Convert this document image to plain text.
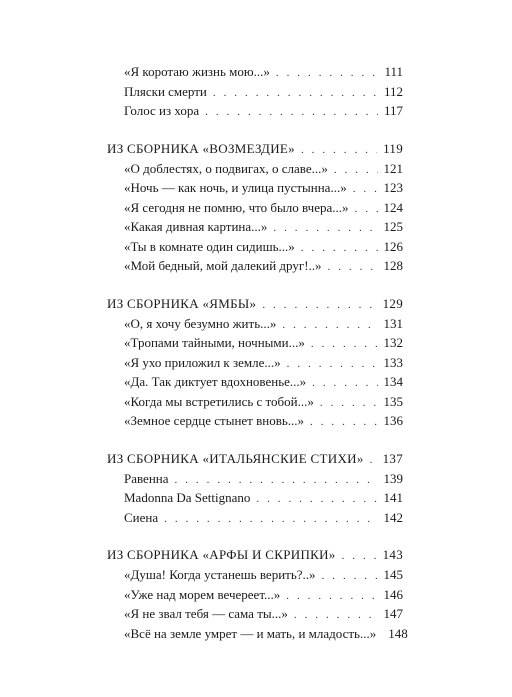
«Я коротаю жизнь мою...» . . .	111
Пляски смерти . . .	112
Голос из хора . . .	117
ИЗ СБОРНИКА «ВОЗМЕЗДИЕ» . . .	119
«О доблестях, о подвигах, о славе...» . . .	121
«Ночь — как ночь, и улица пустынна...» . . .	123
«Я сегодня не помню, что было вчера...» . . .	124
«Какая дивная картина...» . . .	125
«Ты в комнате один сидишь...» . . .	126
«Мой бедный, мой далекий друг!..» . . .	128
ИЗ СБОРНИКА «ЯМБЫ» . . .	129
«О, я хочу безумно жить...» . . .	131
«Тропами тайными, ночными...» . . .	132
«Я ухо приложил к земле...» . . .	133
«Да. Так диктует вдохновенье...» . . .	134
«Когда мы встретились с тобой...» . . .	135
«Земное сердце стынет вновь...» . . .	136
ИЗ СБОРНИКА «ИТАЛЬЯНСКИЕ СТИХИ» . . . 137
Равенна . . .	139
Madonna Da Settignano . . .	141
Сиена . . .	142
ИЗ СБОРНИКА «АРФЫ И СКРИПКИ» . . .	143
«Душа! Когда устанешь верить?..» . . .	145
«Уже над морем вечереет...» . . .	146
«Я не звал тебя — сама ты...» . . .	147
«Всё на земле умрет — и мать, и младость...» 148
